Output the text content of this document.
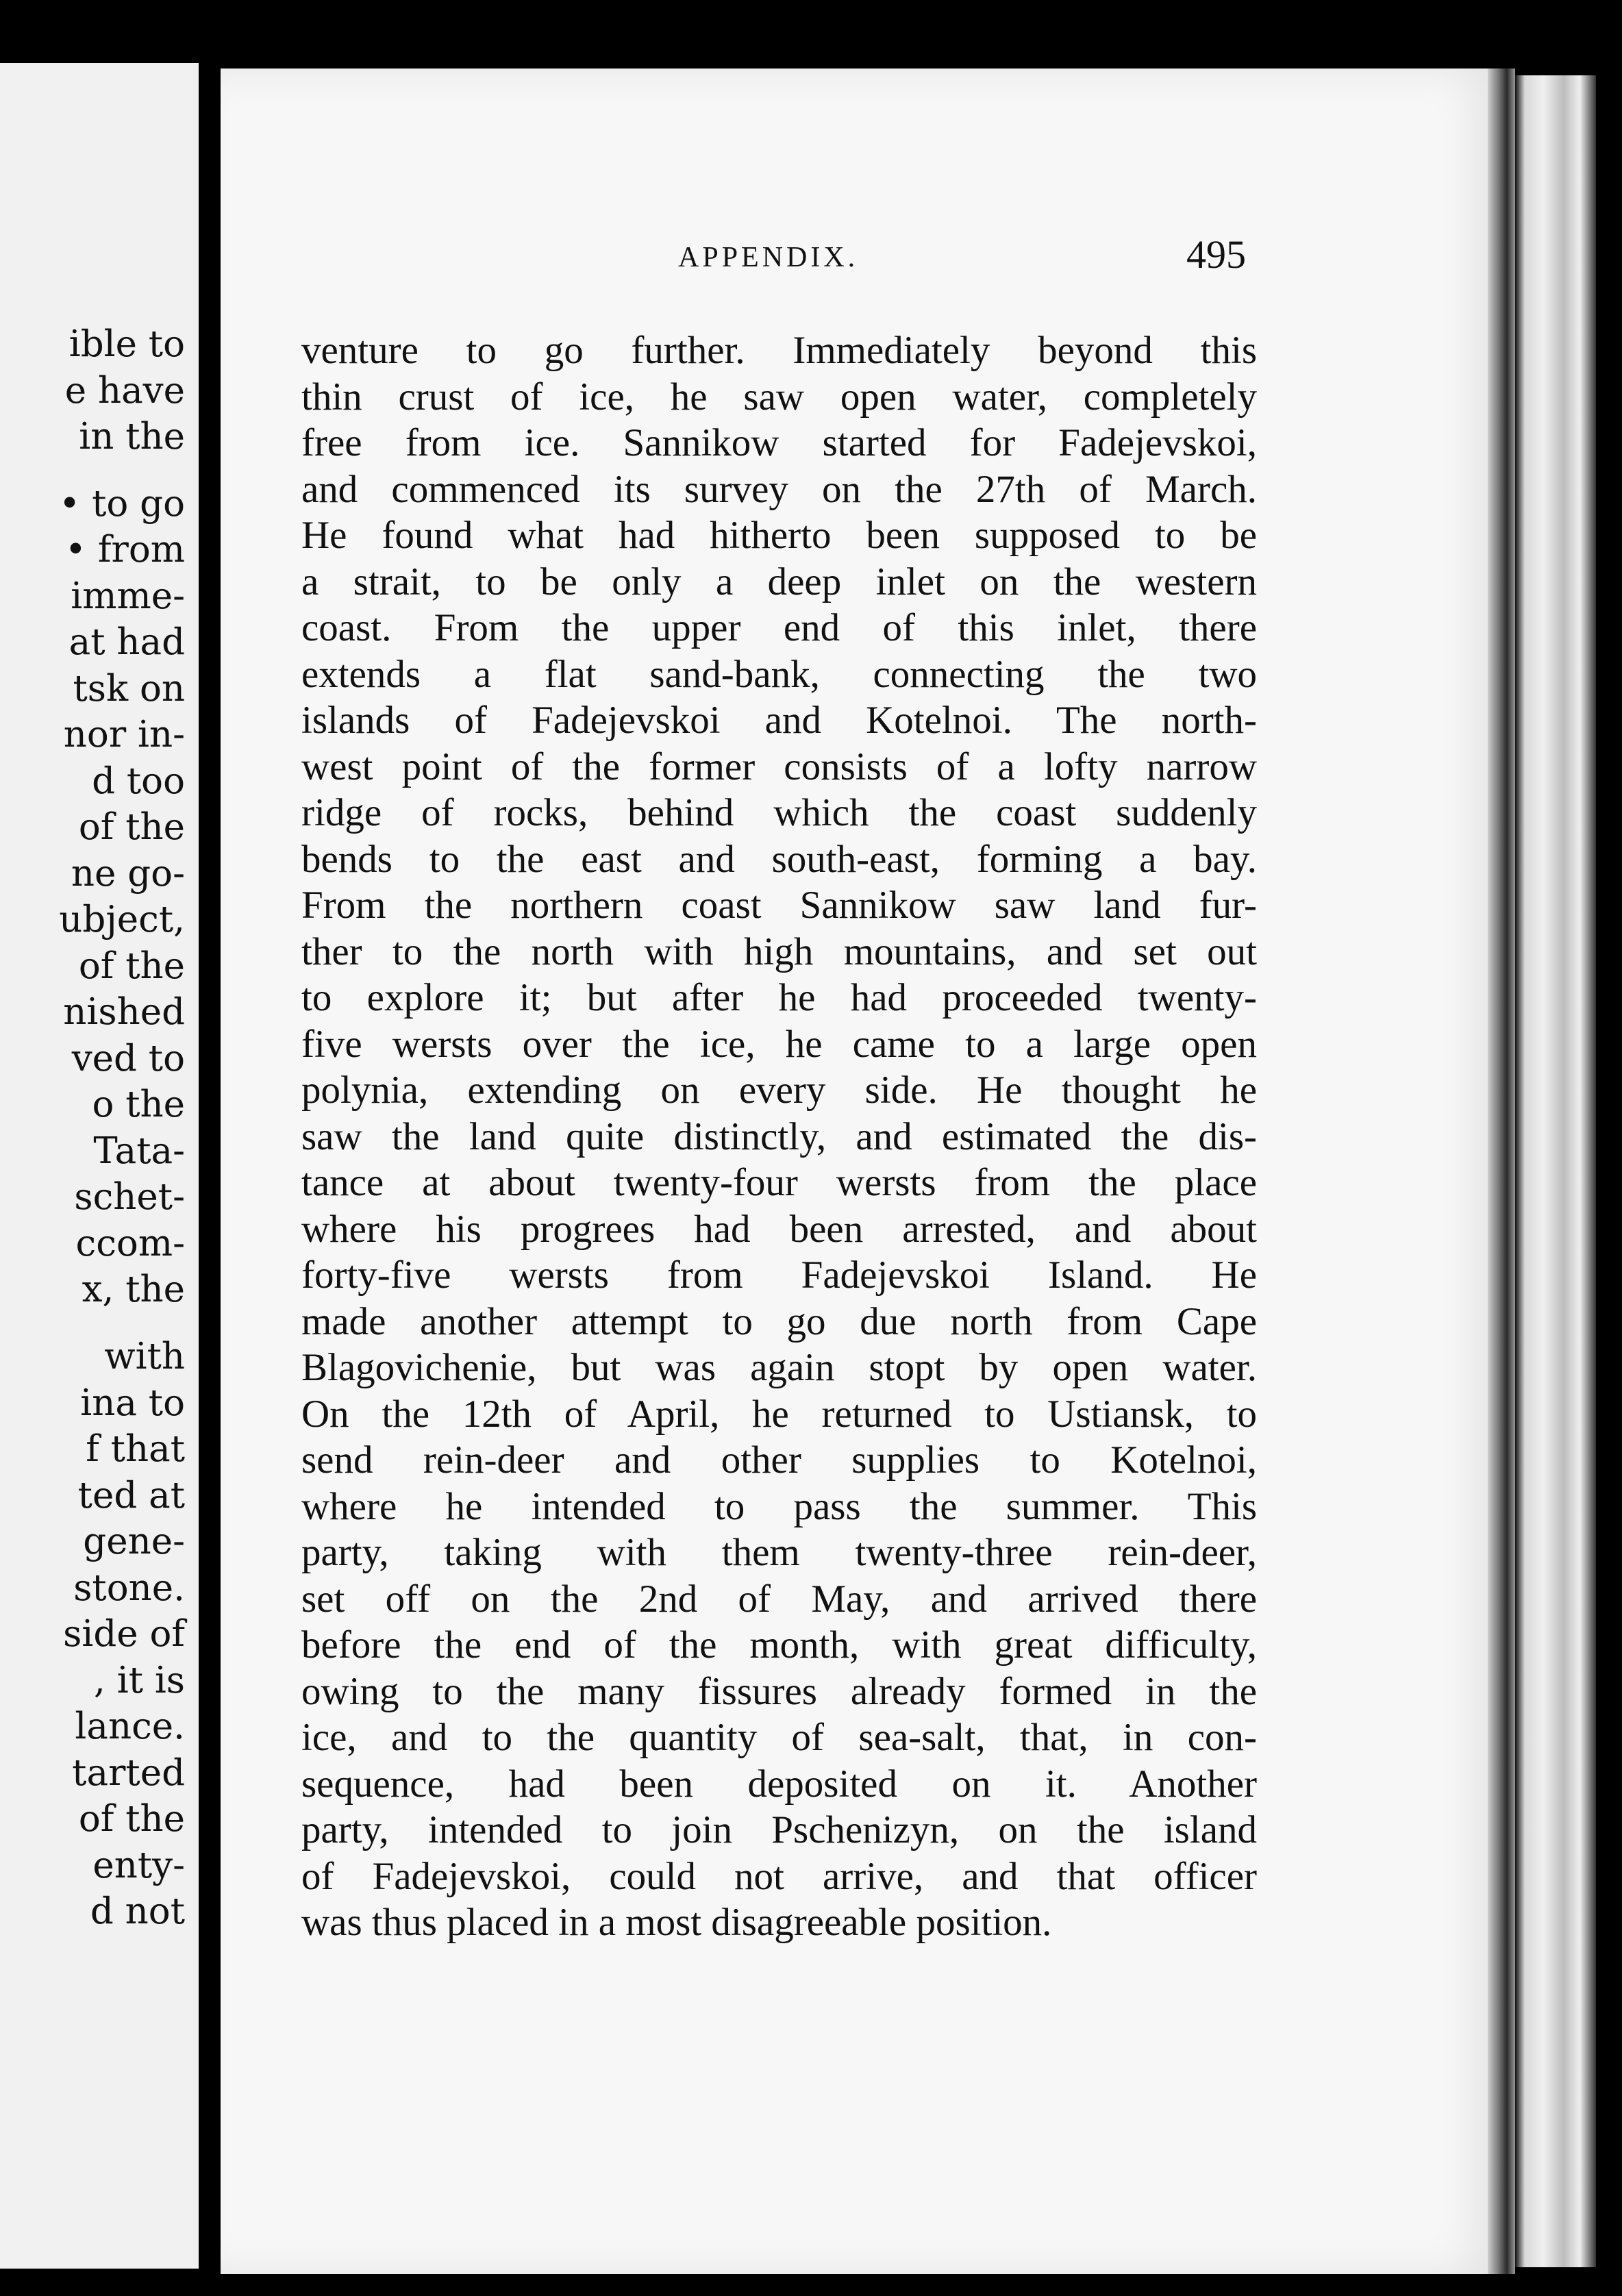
ible to
e have
in the
• to go
• from
imme-
at had
tsk on
nor in-
d too
of the
ne go-
ubject,
of the
nished
ved to
o the
Tata-
schet-
ccom-
x, the
with
ina to
f that
ted at
gene-
stone.
side of
, it is
lance.
tarted
of the
enty-
d not
APPENDIX.	495
venture to go further. Immediately beyond this
thin crust of ice, he saw open water, completely
free from ice. Sannikow started for Fadejevskoi,
and commenced its survey on the 27th of March.
He found what had hitherto been supposed to be
a strait, to be only a deep inlet on the western
coast. From the upper end of this inlet, there
extends a flat sand-bank, connecting the two
islands of Fadejevskoi and Kotelnoi. The north-
west point of the former consists of a lofty narrow
ridge of rocks, behind which the coast suddenly
bends to the east and south-east, forming a bay.
From the northern coast Sannikow saw land fur-
ther to the north with high mountains, and set out
to explore it; but after he had proceeded twenty-
five wersts over the ice, he came to a large open
polynia, extending on every side. He thought he
saw the land quite distinctly, and estimated the dis-
tance at about twenty-four wersts from the place
where his progrees had been arrested, and about
forty-five wersts from Fadejevskoi Island. He
made another attempt to go due north from Cape
Blagovichenie, but was again stopt by open water.
On the 12th of April, he returned to Ustiansk, to
send rein-deer and other supplies to Kotelnoi,
where he intended to pass the summer. This
party, taking with them twenty-three rein-deer,
set off on the 2nd of May, and arrived there
before the end of the month, with great difficulty,
owing to the many fissures already formed in the
ice, and to the quantity of sea-salt, that, in con-
sequence, had been deposited on it. Another
party, intended to join Pschenizyn, on the island
of Fadejevskoi, could not arrive, and that officer
was thus placed in a most disagreeable position.
